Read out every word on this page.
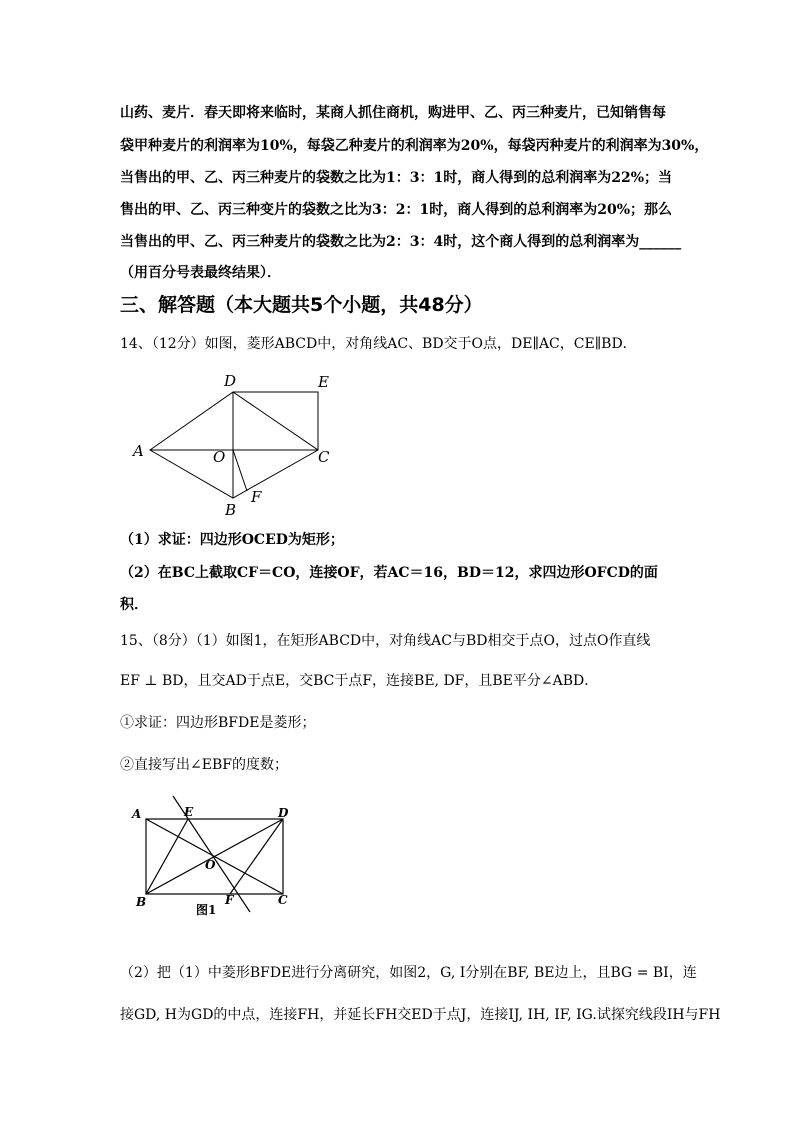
山药、麦片．春天即将来临时，某商人抓住商机，购进甲、乙、丙三种麦片，已知销售每
袋甲种麦片的利润率为10%，每袋乙种麦片的利润率为20%，每袋丙种麦片的利润率为30%，
当售出的甲、乙、丙三种麦片的袋数之比为1：3：1时，商人得到的总利润率为22%；当
售出的甲、乙、丙三种变片的袋数之比为3：2：1时，商人得到的总利润率为20%；那么
当售出的甲、乙、丙三种麦片的袋数之比为2：3：4时，这个商人得到的总利润率为______
（用百分号表最终结果）．
三、解答题（本大题共5个小题，共48分）
14、（12分）如图，菱形ABCD中，对角线AC、BD交于O点，DE∥AC，CE∥BD．
D	E
A	O	C
F
B
（1）求证：四边形OCED为矩形；
（2）在BC上截取CF＝CO，连接OF，若AC＝16，BD＝12，求四边形OFCD的面
积．
15、（8分）（1）如图1，在矩形ABCD中，对角线AC与BD相交于点O，过点O作直线
EF ⊥ BD，且交AD于点E，交BC于点F，连接BE, DF，且BE平分∠ABD．
①求证：四边形BFDE是菱形；
②直接写出∠EBF的度数；
A	E	D
O
B	F	C
图1
（2）把（1）中菱形BFDE进行分离研究，如图2，G, I分别在BF, BE边上，且BG = BI，连
接GD, H为GD的中点，连接FH，并延长FH交ED于点J，连接IJ, IH, IF, IG.试探究线段IH与FH
